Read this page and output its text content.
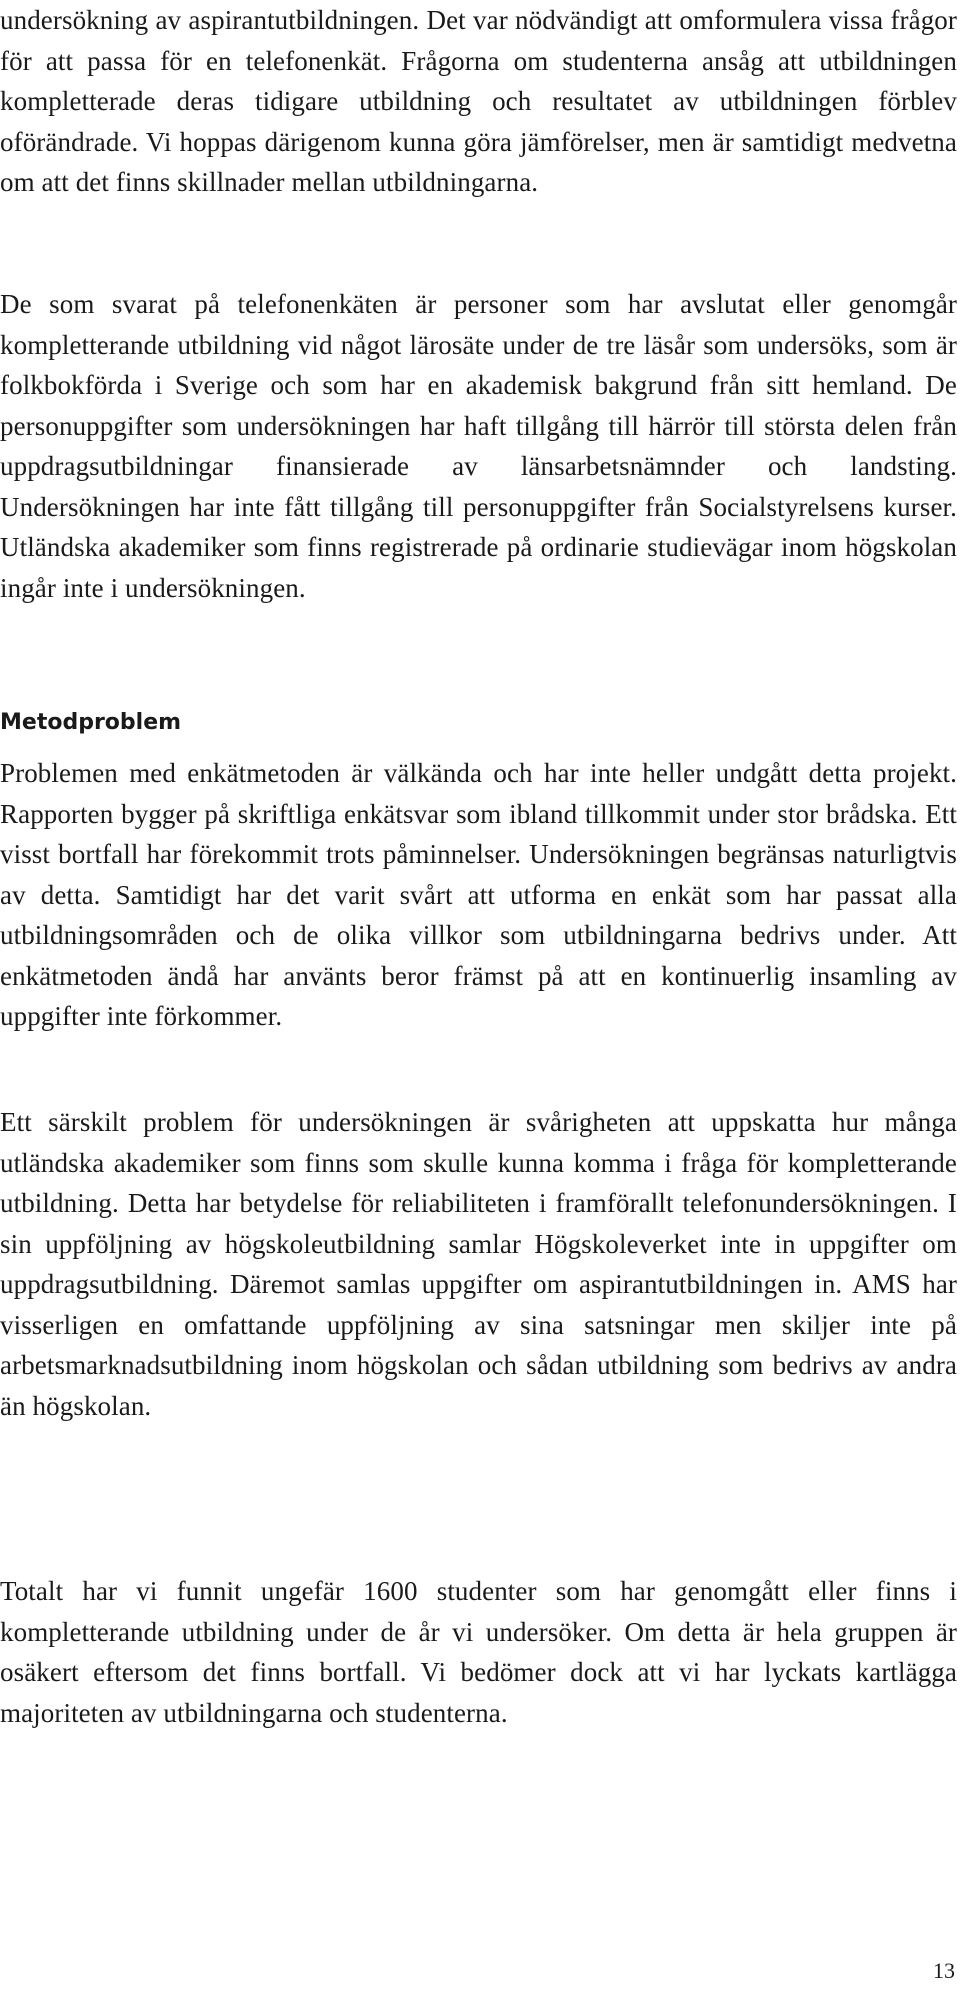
undersökning av aspirantutbildningen. Det var nödvändigt att omformulera vissa frågor för att passa för en telefonenkät. Frågorna om studenterna ansåg att utbildningen kompletterade deras tidigare utbildning och resultatet av utbildningen förblev oförändrade. Vi hoppas därigenom kunna göra jämförelser, men är samtidigt medvetna om att det finns skillnader mellan utbildningarna.

De som svarat på telefonenkäten är personer som har avslutat eller genomgår kompletterande utbildning vid något lärosäte under de tre läsår som undersöks, som är folkbokförda i Sverige och som har en akademisk bakgrund från sitt hemland. De personuppgifter som undersökningen har haft tillgång till härrör till största delen från uppdragsutbildningar finansierade av länsarbetsnämnder och landsting. Undersökningen har inte fått tillgång till personuppgifter från Socialstyrelsens kurser. Utländska akademiker som finns registrerade på ordinarie studievägar inom högskolan ingår inte i undersökningen.

Metodproblem

Problemen med enkätmetoden är välkända och har inte heller undgått detta projekt. Rapporten bygger på skriftliga enkätsvar som ibland tillkommit under stor brådska. Ett visst bortfall har förekommit trots påminnelser. Undersökningen begränsas naturligtvis av detta. Samtidigt har det varit svårt att utforma en enkät som har passat alla utbildningsområden och de olika villkor som utbildningarna bedrivs under. Att enkätmetoden ändå har använts beror främst på att en kontinuerlig insamling av uppgifter inte förkommer.

Ett särskilt problem för undersökningen är svårigheten att uppskatta hur många utländska akademiker som finns som skulle kunna komma i fråga för kompletterande utbildning. Detta har betydelse för reliabiliteten i framförallt telefonundersökningen. I sin uppföljning av högskoleutbildning samlar Högskoleverket inte in uppgifter om uppdragsutbildning. Däremot samlas uppgifter om aspirantutbildningen in. AMS har visserligen en omfattande uppföljning av sina satsningar men skiljer inte på arbetsmarknadsutbildning inom högskolan och sådan utbildning som bedrivs av andra än högskolan.

Totalt har vi funnit ungefär 1600 studenter som har genomgått eller finns i kompletterande utbildning under de år vi undersöker. Om detta är hela gruppen är osäkert eftersom det finns bortfall. Vi bedömer dock att vi har lyckats kartlägga majoriteten av utbildningarna och studenterna.

13
